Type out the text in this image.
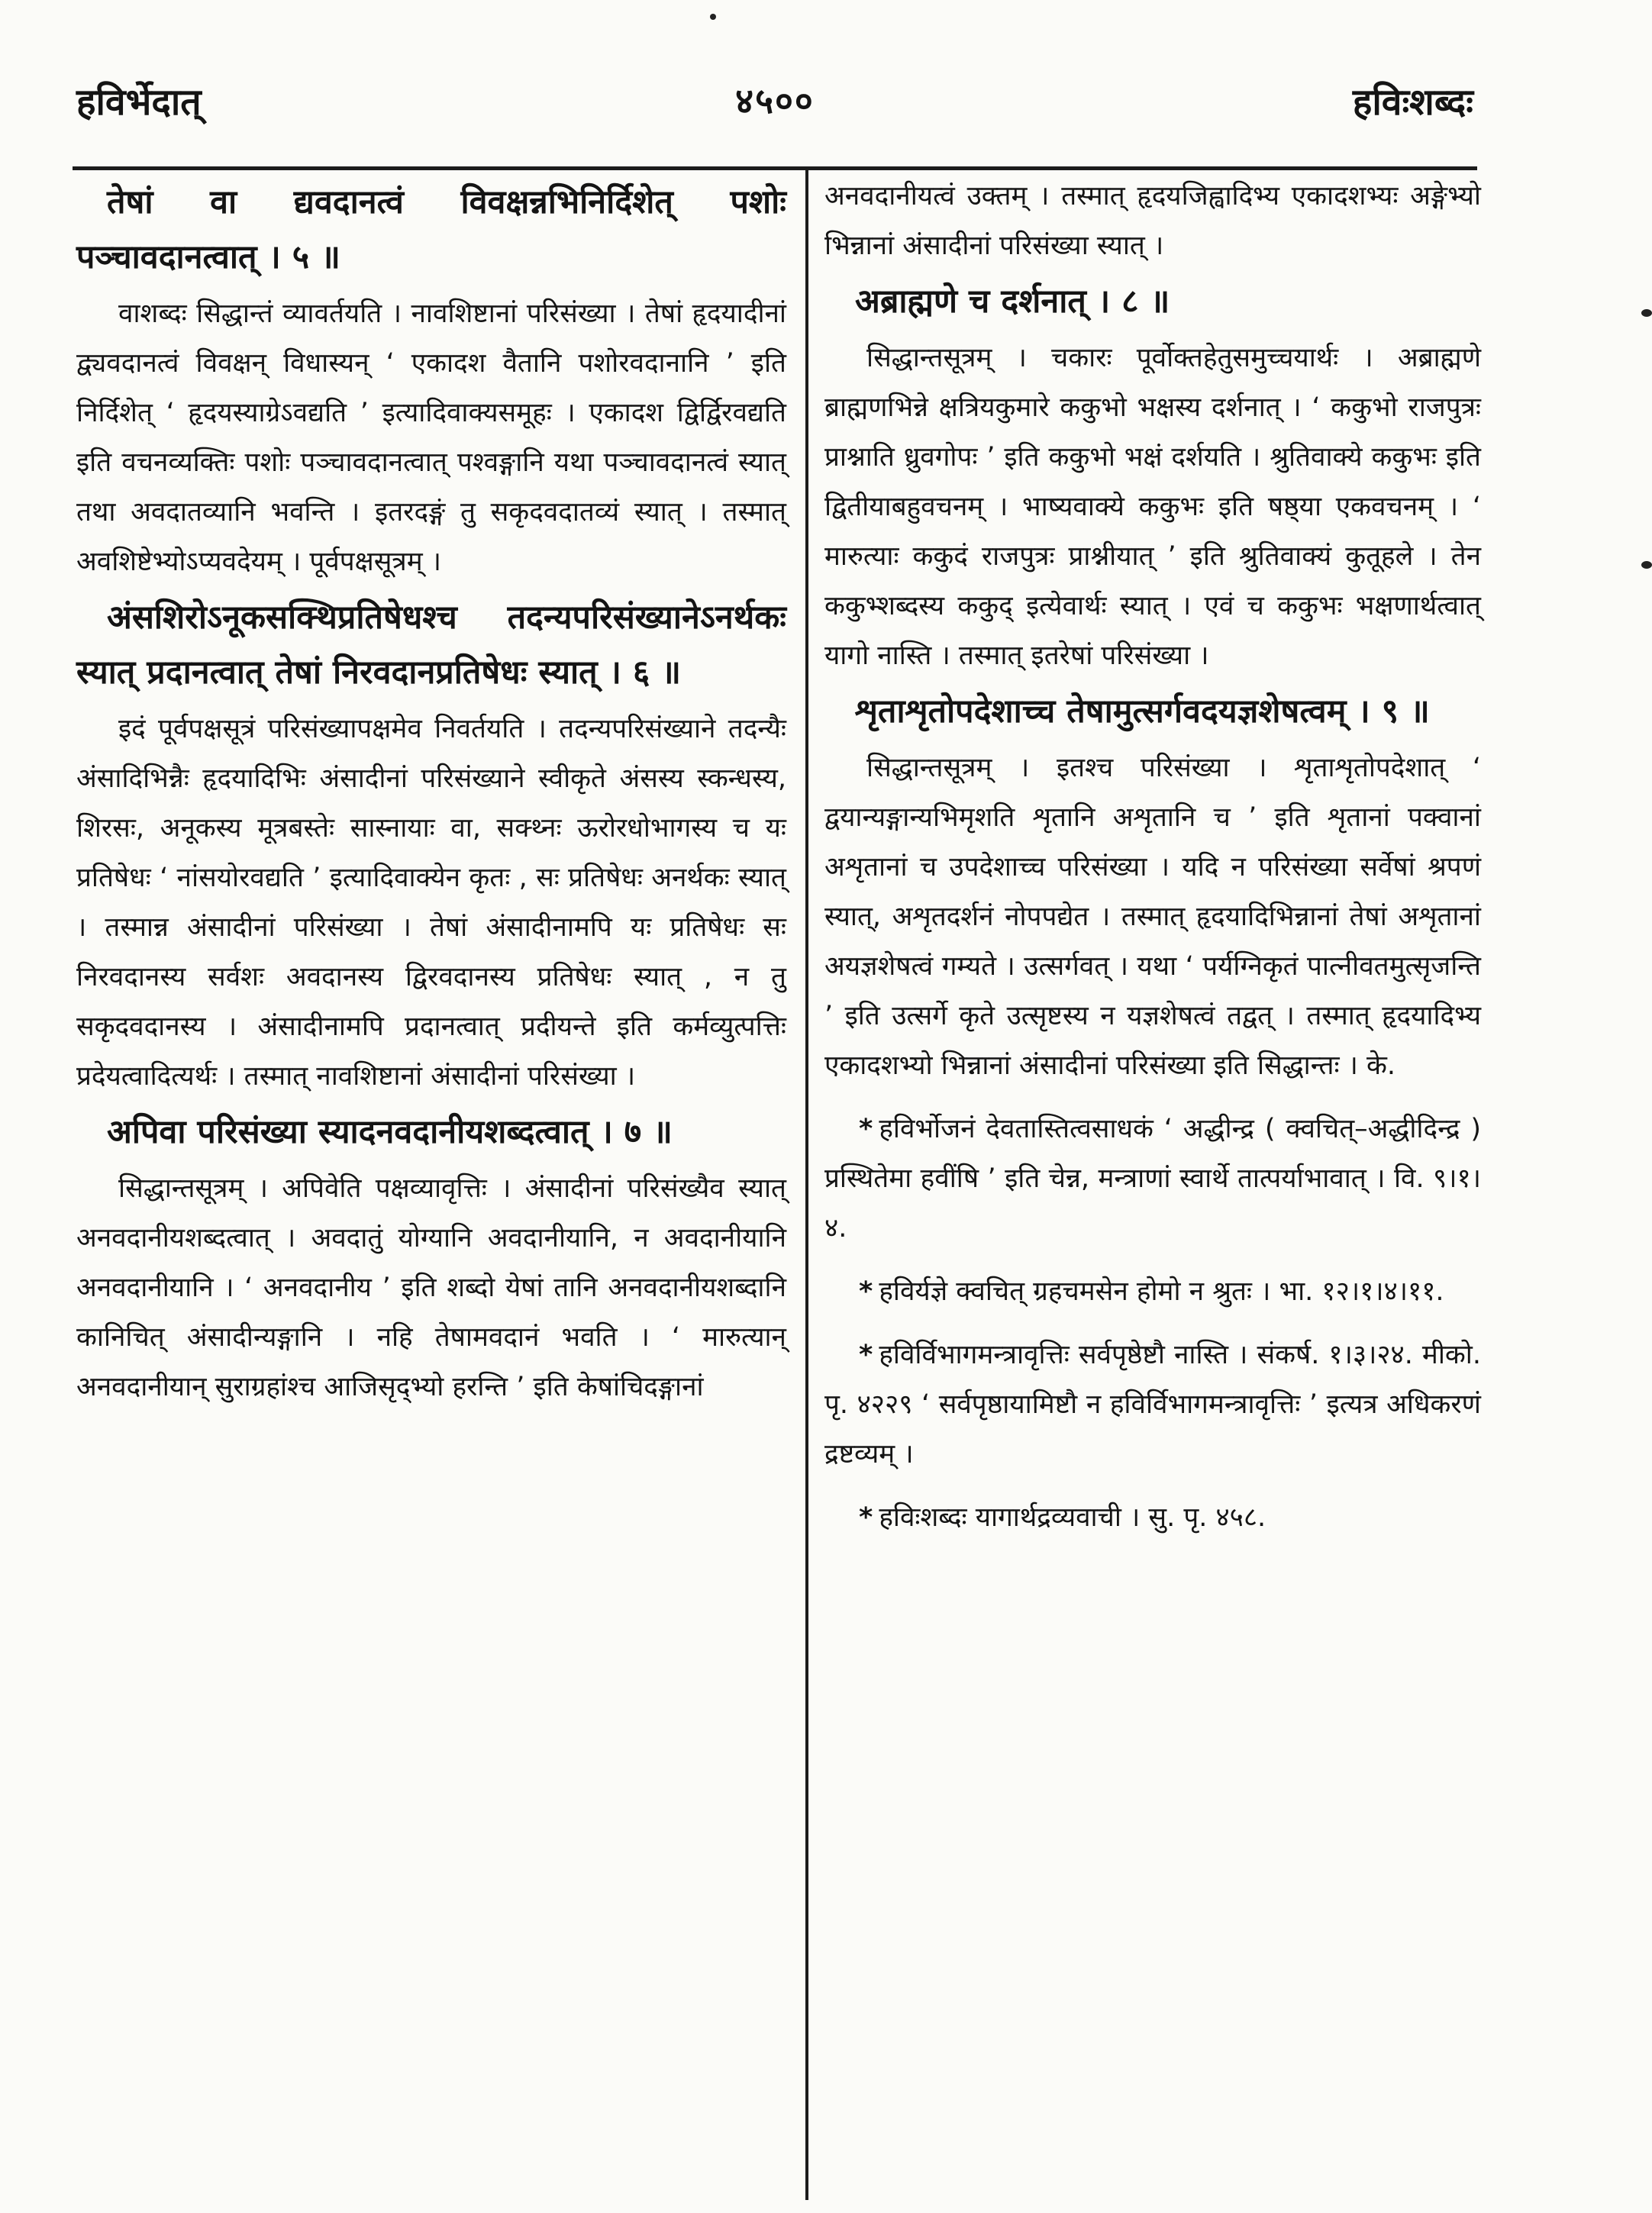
हविर्भेदात्	४५००	हविःशब्दः

तेषां वा द्यवदानत्वं विवक्षन्नभिनिर्दिशेत् पशोः पञ्चावदानत्वात् । ५ ॥

वाशब्दः सिद्धान्तं व्यावर्तयति । नावशिष्टानां परिसंख्या । तेषां हृदयादीनां द्व्यवदानत्वं विवक्षन् विधास्यन् ‘ एकादश वैतानि पशोरवदानानि ’ इति निर्दिशेत् ‘ हृदयस्याग्रेऽवद्यति ’ इत्यादिवाक्यसमूहः । एकादश द्विर्द्विरवद्यति इति वचनव्यक्तिः पशोः पञ्चावदानत्वात् पश्वङ्गानि यथा पञ्चावदानत्वं स्यात् तथा अवदातव्यानि भवन्ति । इतरदङ्गं तु सकृदवदातव्यं स्यात् । तस्मात् अवशिष्टेभ्योऽप्यवदेयम् । पूर्वपक्षसूत्रम् ।

अंसशिरोऽनूकसक्थिप्रतिषेधश्च तदन्यपरिसंख्यानेऽनर्थकः स्यात् प्रदानत्वात् तेषां निरवदानप्रतिषेधः स्यात् । ६ ॥

इदं पूर्वपक्षसूत्रं परिसंख्यापक्षमेव निवर्तयति । तदन्यपरिसंख्याने तदन्यैः अंसादिभिन्नैः हृदयादिभिः अंसादीनां परिसंख्याने स्वीकृते अंसस्य स्कन्धस्य, शिरसः, अनूकस्य मूत्रबस्तेः सास्नायाः वा, सक्थ्नः ऊरोरधोभागस्य च यः प्रतिषेधः ‘ नांसयोरवद्यति ’ इत्यादिवाक्येन कृतः , सः प्रतिषेधः अनर्थकः स्यात् । तस्मान्न अंसादीनां परिसंख्या । तेषां अंसादीनामपि यः प्रतिषेधः सः निरवदानस्य सर्वशः अवदानस्य द्विरवदानस्य प्रतिषेधः स्यात् , न तु सकृदवदानस्य । अंसादीनामपि प्रदानत्वात् प्रदीयन्ते इति कर्मव्युत्पत्तिः प्रदेयत्वादित्यर्थः । तस्मात् नावशिष्टानां अंसादीनां परिसंख्या ।

अपिवा परिसंख्या स्यादनवदानीयशब्दत्वात् । ७ ॥

सिद्धान्तसूत्रम् । अपिवेति पक्षव्यावृत्तिः । अंसादीनां परिसंख्यैव स्यात् अनवदानीयशब्दत्वात् । अवदातुं योग्यानि अवदानीयानि, न अवदानीयानि अनवदानीयानि । ‘ अनवदानीय ’ इति शब्दो येषां तानि अनवदानीयशब्दानि कानिचित् अंसादीन्यङ्गानि । नहि तेषामवदानं भवति । ‘ मारुत्यान् अनवदानीयान् सुराग्रहांश्च आजिसृद्भ्यो हरन्ति ’ इति केषांचिदङ्गानां

अनवदानीयत्वं उक्तम् । तस्मात् हृदयजिह्वादिभ्य एकादशभ्यः अङ्गेभ्यो भिन्नानां अंसादीनां परिसंख्या स्यात् ।

अब्राह्मणे च दर्शनात् । ८ ॥

सिद्धान्तसूत्रम् । चकारः पूर्वोक्तहेतुसमुच्चयार्थः । अब्राह्मणे ब्राह्मणभिन्ने क्षत्रियकुमारे ककुभो भक्षस्य दर्शनात् । ‘ ककुभो राजपुत्रः प्राश्नाति ध्रुवगोपः ’ इति ककुभो भक्षं दर्शयति । श्रुतिवाक्ये ककुभः इति द्वितीयाबहुवचनम् । भाष्यवाक्ये ककुभः इति षष्ठ्या एकवचनम् । ‘ मारुत्याः ककुदं राजपुत्रः प्राश्नीयात् ’ इति श्रुतिवाक्यं कुतूहले । तेन ककुभ्शब्दस्य ककुद् इत्येवार्थः स्यात् । एवं च ककुभः भक्षणार्थत्वात् यागो नास्ति । तस्मात् इतरेषां परिसंख्या ।

शृताशृतोपदेशाच्च तेषामुत्सर्गवदयज्ञशेषत्वम् । ९ ॥

सिद्धान्तसूत्रम् । इतश्च परिसंख्या । शृताशृतोपदेशात् ‘ द्वयान्यङ्गान्यभिमृशति शृतानि अशृतानि च ’ इति शृतानां पक्वानां अशृतानां च उपदेशाच्च परिसंख्या । यदि न परिसंख्या सर्वेषां श्रपणं स्यात्, अशृतदर्शनं नोपपद्येत । तस्मात् हृदयादिभिन्नानां तेषां अशृतानां अयज्ञशेषत्वं गम्यते । उत्सर्गवत् । यथा ‘ पर्यग्निकृतं पात्नीवतमुत्सृजन्ति ’ इति उत्सर्गे कृते उत्सृष्टस्य न यज्ञशेषत्वं तद्वत् । तस्मात् हृदयादिभ्य एकादशभ्यो भिन्नानां अंसादीनां परिसंख्या इति सिद्धान्तः । के.

* हविर्भोजनं देवतास्तित्वसाधकं ‘ अद्धीन्द्र ( क्वचित्–अद्धीदिन्द्र ) प्रस्थितेमा हवींषि ’ इति चेन्न, मन्त्राणां स्वार्थे तात्पर्याभावात् । वि. ९।१।४.

* हविर्यज्ञे क्वचित् ग्रहचमसेन होमो न श्रुतः । भा. १२।१।४।११.

* हविर्विभागमन्त्रावृत्तिः सर्वपृष्ठेष्टौ नास्ति । संकर्ष. १।३।२४. मीको. पृ. ४२२९ ‘ सर्वपृष्ठायामिष्टौ न हविर्विभागमन्त्रावृत्तिः ’ इत्यत्र अधिकरणं द्रष्टव्यम् ।

* हविःशब्दः यागार्थद्रव्यवाची । सु. पृ. ४५८.
